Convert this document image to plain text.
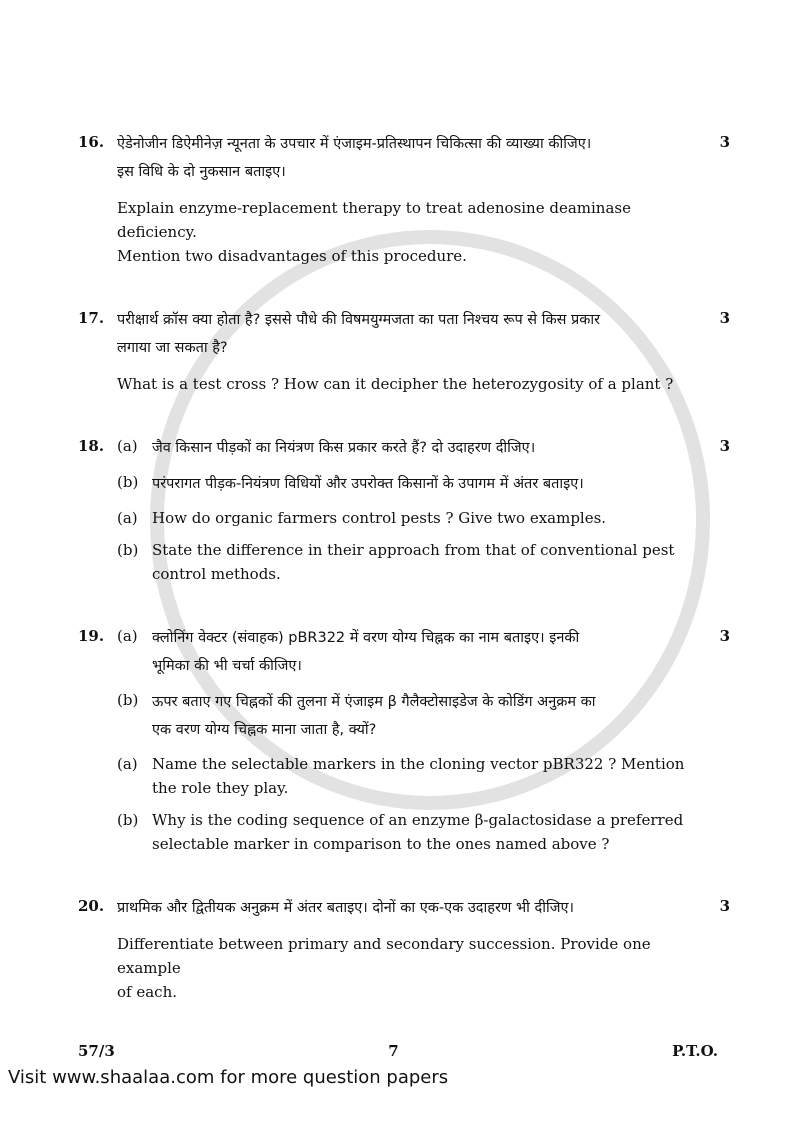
16. ऐडेनोजीन डिऐमीनेज़ न्यूनता के उपचार में एंजाइम-प्रतिस्थापन चिकित्सा की व्याख्या कीजिए।
इस विधि के दो नुकसान बताइए।
Explain enzyme-replacement therapy to treat adenosine deaminase deficiency.
Mention two disadvantages of this procedure.
3
17. परीक्षार्थ क्रॉस क्या होता है? इससे पौधे की विषमयुग्मजता का पता निश्चय रूप से किस प्रकार
लगाया जा सकता है?
What is a test cross ? How can it decipher the heterozygosity of a plant ?
3
18. (a) जैव किसान पीड़कों का नियंत्रण किस प्रकार करते हैं? दो उदाहरण दीजिए।
(b) परंपरागत पीड़क-नियंत्रण विधियों और उपरोक्त किसानों के उपागम में अंतर बताइए।
(a) How do organic farmers control pests ? Give two examples.
(b) State the difference in their approach from that of conventional pest
control methods.
3
19. (a) क्लोनिंग वेक्टर (संवाहक) pBR322 में वरण योग्य चिह्नक का नाम बताइए। इनकी
भूमिका की भी चर्चा कीजिए।
(b) ऊपर बताए गए चिह्नकों की तुलना में एंजाइम β गैलैक्टोसाइडेज के कोडिंग अनुक्रम का
एक वरण योग्य चिह्नक माना जाता है, क्यों?
(a) Name the selectable markers in the cloning vector pBR322 ? Mention
the role they play.
(b) Why is the coding sequence of an enzyme β-galactosidase a preferred
selectable marker in comparison to the ones named above ?
3
20. प्राथमिक और द्वितीयक अनुक्रम में अंतर बताइए। दोनों का एक-एक उदाहरण भी दीजिए।
Differentiate between primary and secondary succession. Provide one example
of each.
3
57/3	7	P.T.O.
Visit www.shaalaa.com for more question papers
